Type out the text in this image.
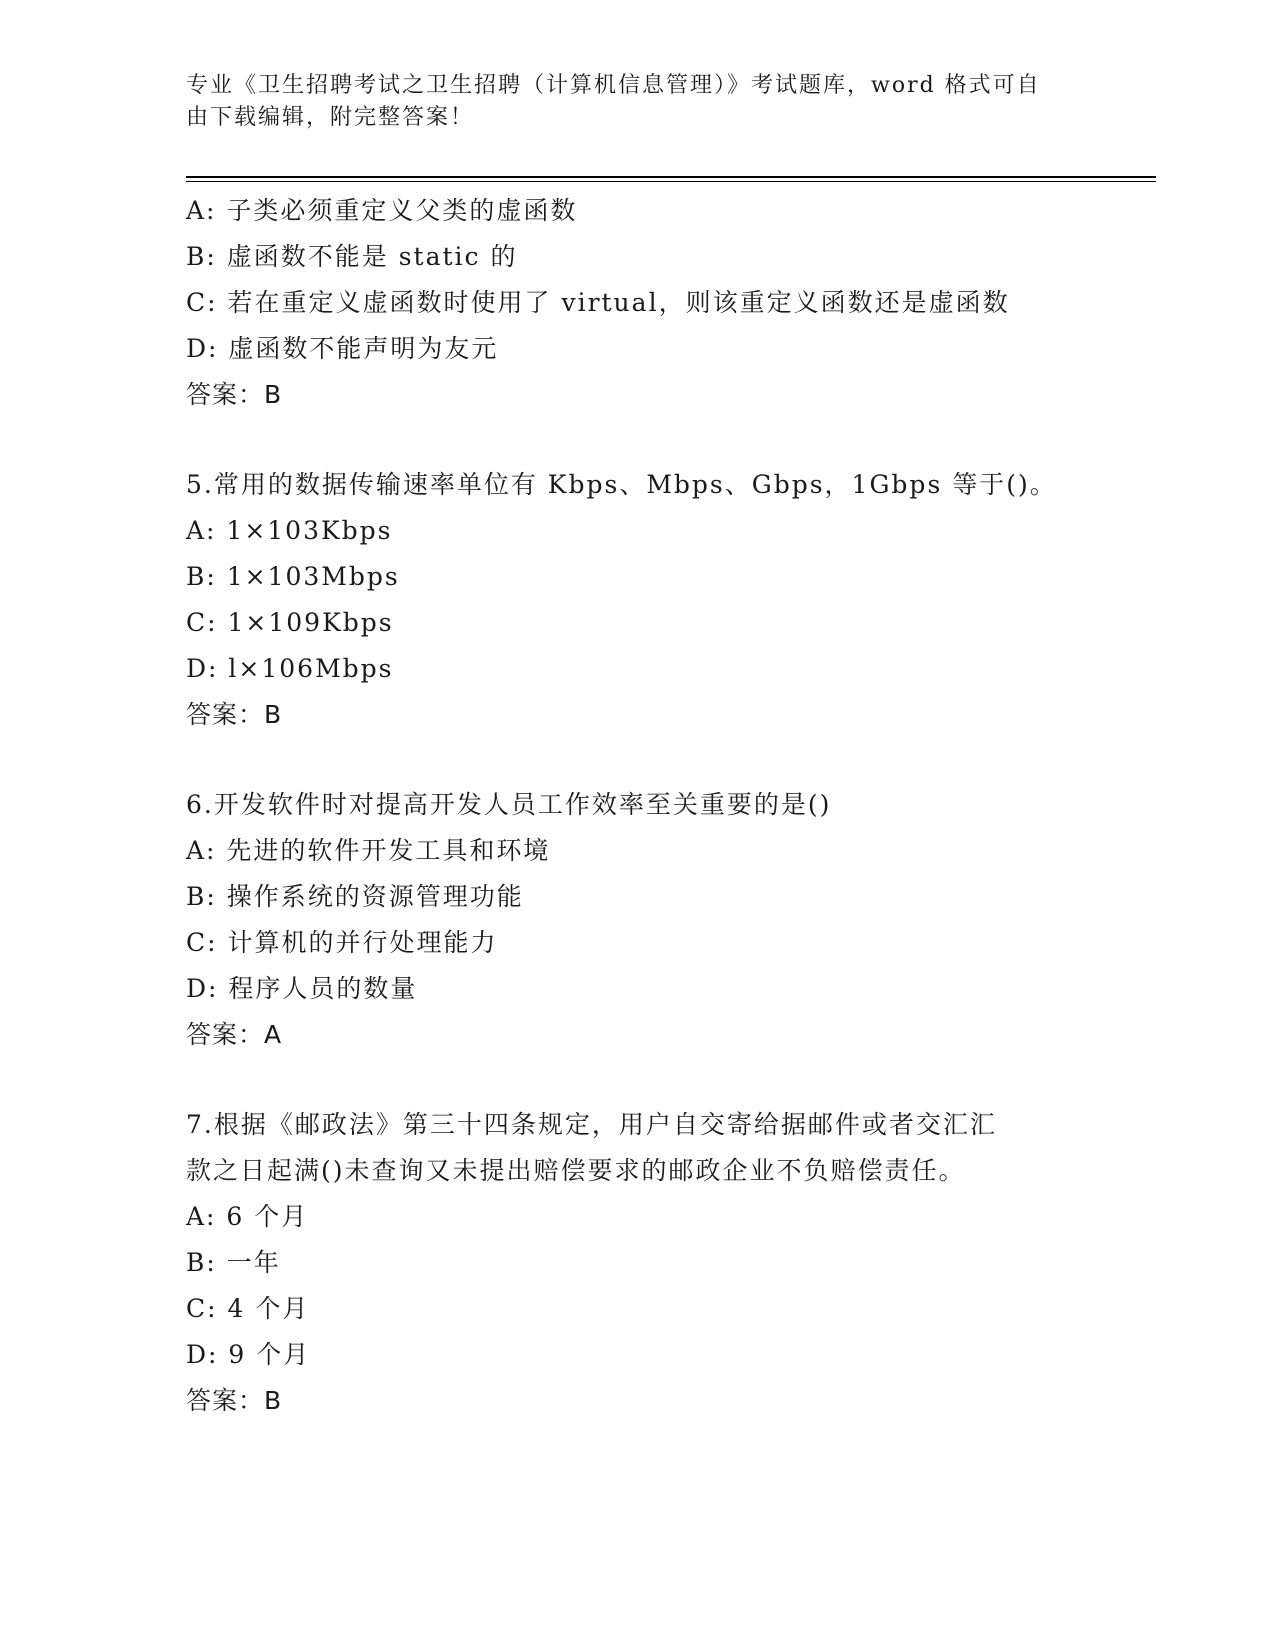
专业《卫生招聘考试之卫生招聘（计算机信息管理）》考试题库，word 格式可自
由下载编辑，附完整答案！
A: 子类必须重定义父类的虚函数
B: 虚函数不能是 static 的
C: 若在重定义虚函数时使用了 virtual，则该重定义函数还是虚函数
D: 虚函数不能声明为友元
答案：B
5.常用的数据传输速率单位有 Kbps、Mbps、Gbps，1Gbps 等于()。
A: 1×103Kbps
B: 1×103Mbps
C: 1×109Kbps
D: l×106Mbps
答案：B
6.开发软件时对提高开发人员工作效率至关重要的是()
A: 先进的软件开发工具和环境
B: 操作系统的资源管理功能
C: 计算机的并行处理能力
D: 程序人员的数量
答案：A
7.根据《邮政法》第三十四条规定，用户自交寄给据邮件或者交汇汇
款之日起满()未查询又未提出赔偿要求的邮政企业不负赔偿责任。
A: 6 个月
B: 一年
C: 4 个月
D: 9 个月
答案：B
